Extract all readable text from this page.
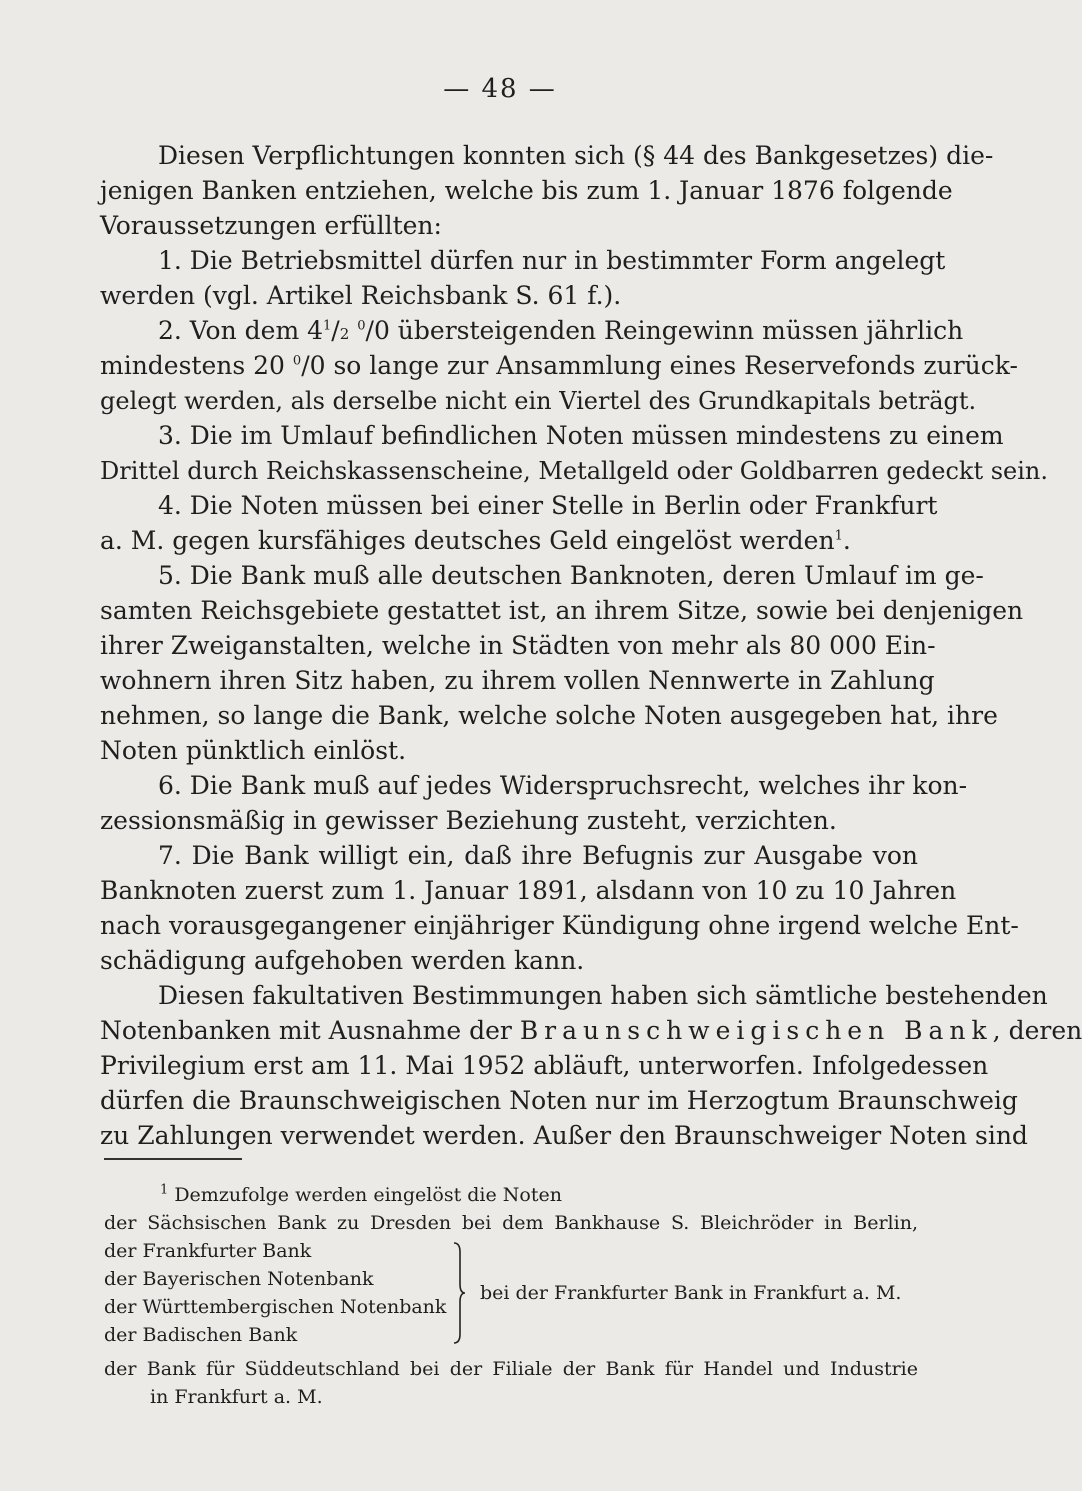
— 48 —
Diesen Verpflichtungen konnten sich (§ 44 des Bankgesetzes) die-
jenigen Banken entziehen, welche bis zum 1. Januar 1876 folgende
Voraussetzungen erfüllten:
1. Die Betriebsmittel dürfen nur in bestimmter Form angelegt
werden (vgl. Artikel Reichsbank S. 61 f.).
2. Von dem $4^1/2$ $^0$/0 übersteigenden Reingewinn müssen jährlich
mindestens 20 $^0$/0 so lange zur Ansammlung eines Reservefonds zurück-
gelegt werden, als derselbe nicht ein Viertel des Grundkapitals beträgt.
3. Die im Umlauf befindlichen Noten müssen mindestens zu einem
Drittel durch Reichskassenscheine, Metallgeld oder Goldbarren gedeckt sein.
4. Die Noten müssen bei einer Stelle in Berlin oder Frankfurt
a. M. gegen kursfähiges deutsches Geld eingelöst werden$^1$.
5. Die Bank muß alle deutschen Banknoten, deren Umlauf im ge-
samten Reichsgebiete gestattet ist, an ihrem Sitze, sowie bei denjenigen
ihrer Zweiganstalten, welche in Städten von mehr als 80 000 Ein-
wohnern ihren Sitz haben, zu ihrem vollen Nennwerte in Zahlung
nehmen, so lange die Bank, welche solche Noten ausgegeben hat, ihre
Noten pünktlich einlöst.
6. Die Bank muß auf jedes Widerspruchsrecht, welches ihr kon-
zessionsmäßig in gewisser Beziehung zusteht, verzichten.
7. Die Bank willigt ein, daß ihre Befugnis zur Ausgabe von
Banknoten zuerst zum 1. Januar 1891, alsdann von 10 zu 10 Jahren
nach vorausgegangener einjähriger Kündigung ohne irgend welche Ent-
schädigung aufgehoben werden kann.
Diesen fakultativen Bestimmungen haben sich sämtliche bestehenden
Notenbanken mit Ausnahme der Braunschweigischen Bank, deren
Privilegium erst am 11. Mai 1952 abläuft, unterworfen. Infolgedessen
dürfen die Braunschweigischen Noten nur im Herzogtum Braunschweig
zu Zahlungen verwendet werden. Außer den Braunschweiger Noten sind
$^1$ Demzufolge werden eingelöst die Noten
der Sächsischen Bank zu Dresden bei dem Bankhause S. Bleichröder in Berlin,
der Frankfurter Bank
der Bayerischen Notenbank
der Württembergischen Notenbank
der Badischen Bank
bei der Frankfurter Bank in Frankfurt a. M.
der Bank für Süddeutschland bei der Filiale der Bank für Handel und Industrie
in Frankfurt a. M.
